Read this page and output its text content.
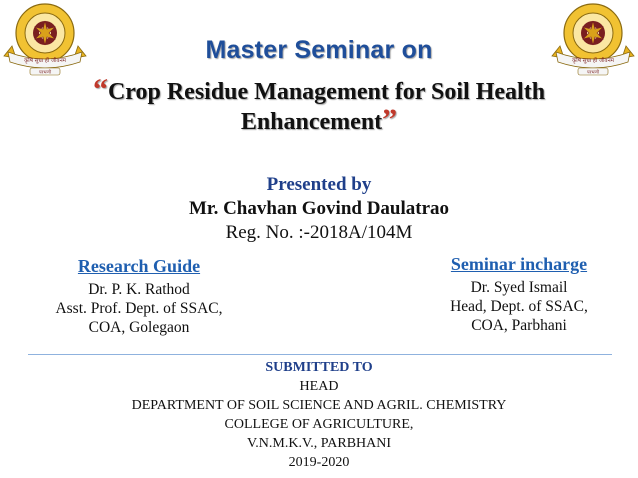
कृषि सुधा ही जीवनम
परभणी
कृषि सुधा ही जीवनम
परभणी
Master Seminar on
“Crop Residue Management for Soil Health Enhancement”
Presented by
Mr. Chavhan Govind Daulatrao
Reg. No. :-2018A/104M
Research Guide
Dr. P. K. Rathod
Asst. Prof. Dept. of SSAC,
COA, Golegaon
Seminar incharge
Dr. Syed Ismail
Head, Dept. of SSAC,
COA, Parbhani
SUBMITTED TO
HEAD
DEPARTMENT OF SOIL SCIENCE AND AGRIL. CHEMISTRY
COLLEGE OF AGRICULTURE,
V.N.M.K.V., PARBHANI
2019-2020
